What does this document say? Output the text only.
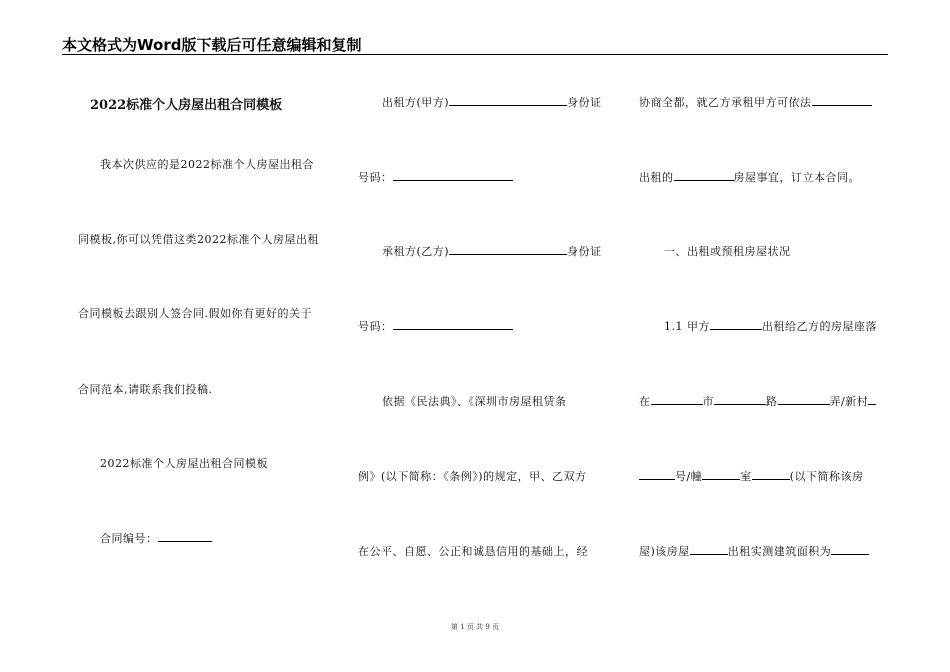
本文格式为Word版下载后可任意编辑和复制
2022标准个人房屋出租合同模板
我本次供应的是2022标准个人房屋出租合
同模板,你可以凭借这类2022标准个人房屋出租
合同模板去跟别人签合同.假如你有更好的关于
合同范本,请联系我们投稿.
2022标准个人房屋出租合同模板
合同编号：
出租方(甲方)	身份证
号码：
承租方(乙方)	身份证
号码：
依据《民法典》、《深圳市房屋租赁条
例》(以下简称：《条例》)的规定，甲、乙双方
在公平、自愿、公正和诚恳信用的基础上，经
协商全都，就乙方承租甲方可依法
出租的	房屋事宜，订立本合同。
一、出租或预租房屋状况
1.1 甲方	出租给乙方的房屋座落
在	市	路	弄/新村
号/幢	室	(以下简称该房
屋)该房屋	出租实测建筑面积为
第 1 页 共 9 页
